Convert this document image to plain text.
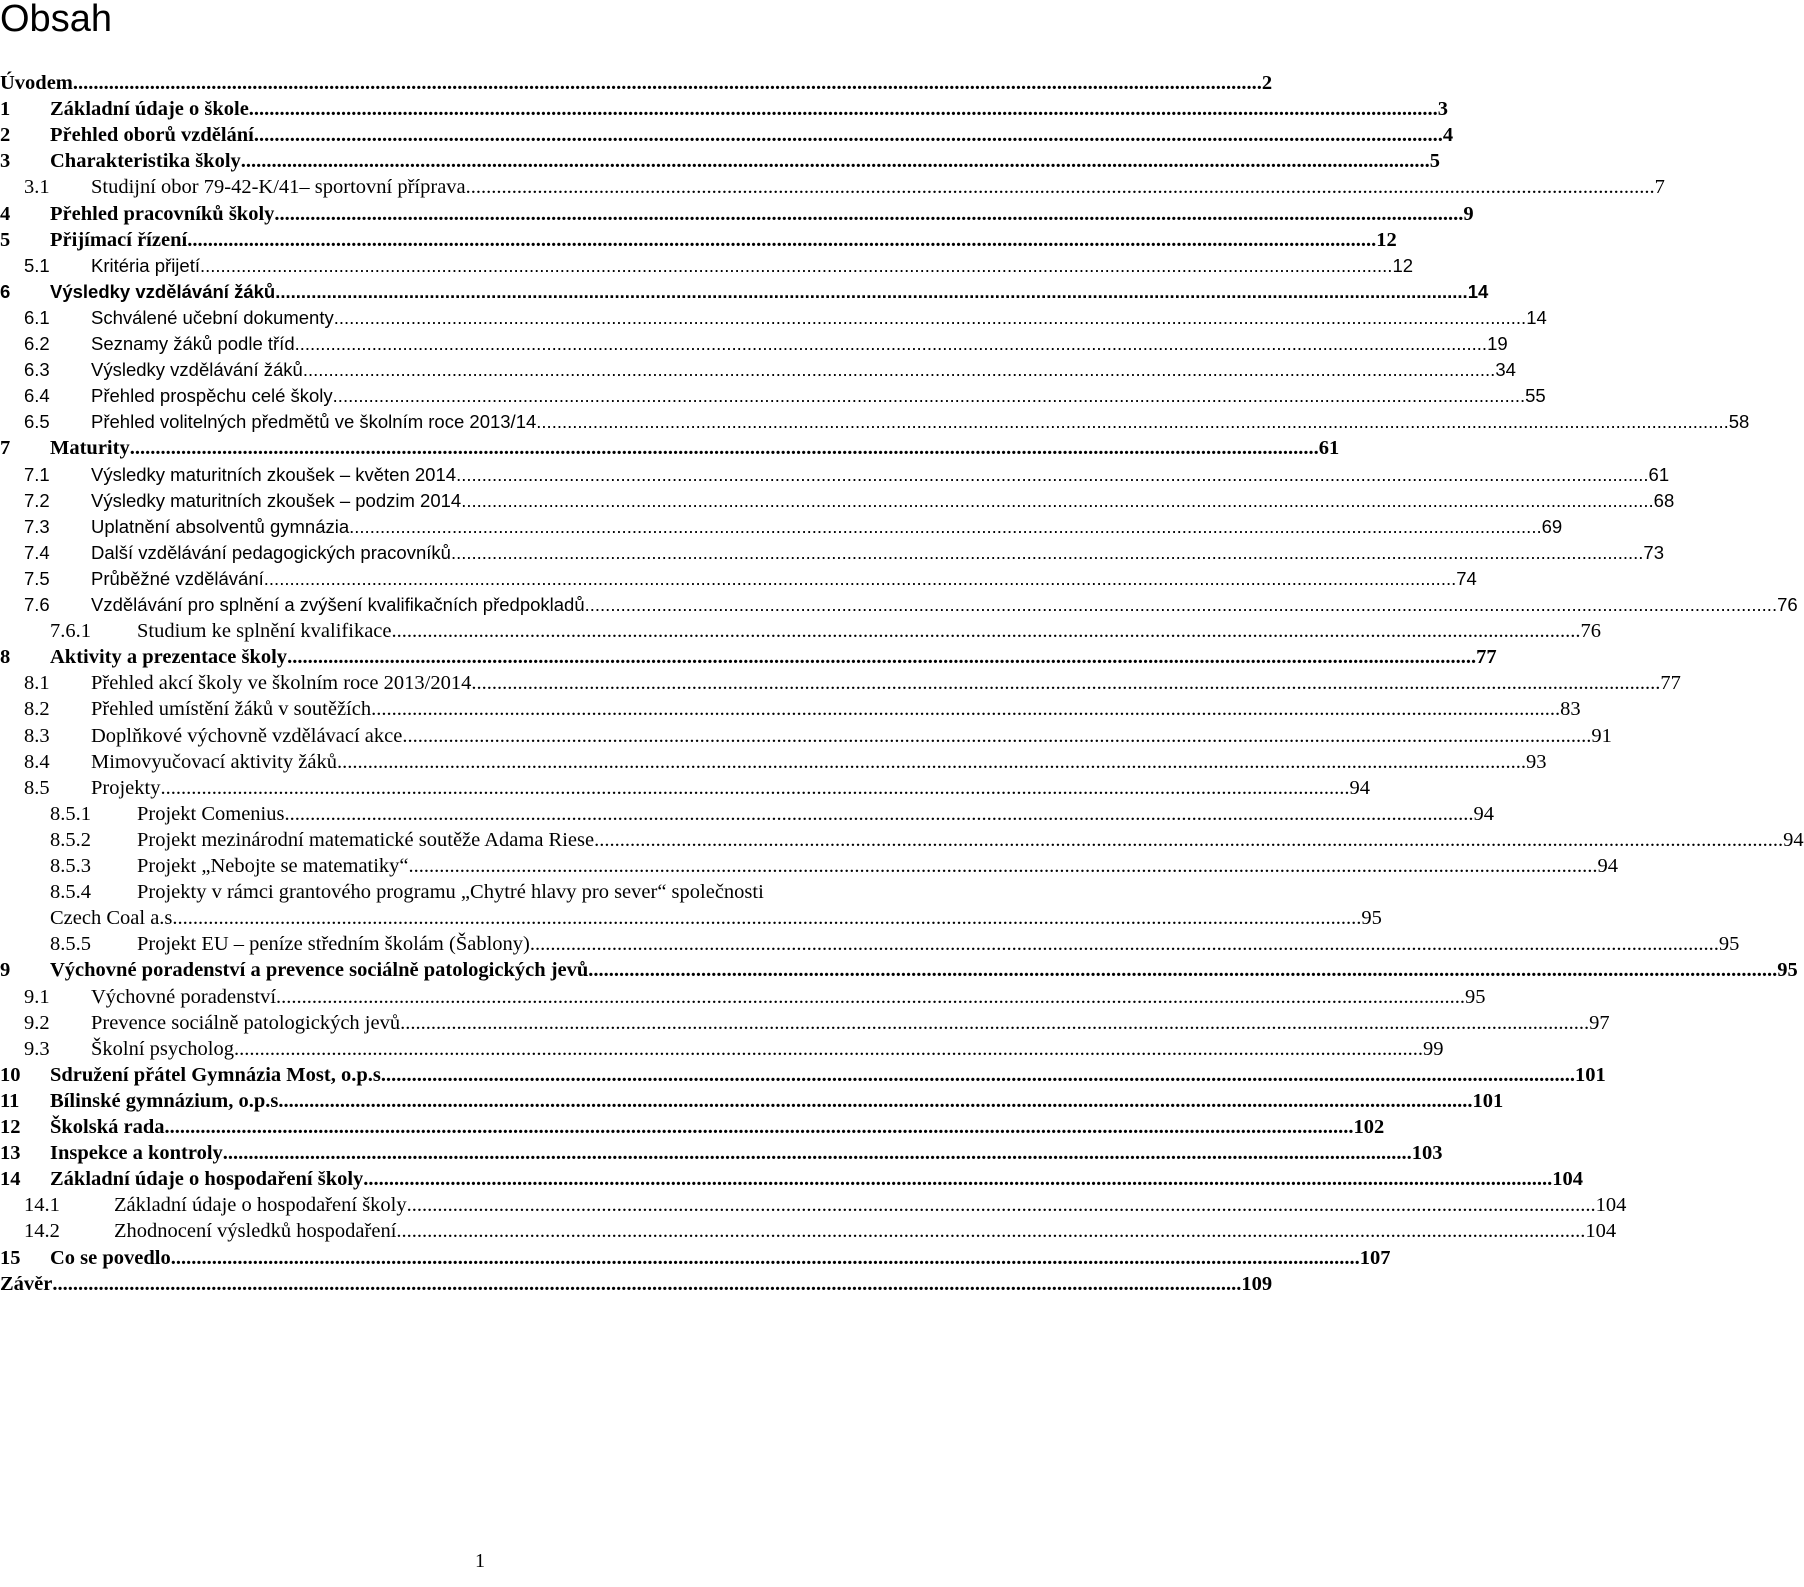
Obsah
Úvodem .....	2
1	Základní údaje o škole .....	3
2	Přehled oborů vzdělání .....	4
3	Charakteristika školy .....	5
3.1	Studijní obor 79-42-K/41– sportovní příprava .....	7
4	Přehled pracovníků školy .....	9
5	Přijímací řízení .....	12
5.1	Kritéria přijetí .....	12
6	Výsledky vzdělávání žáků .....	14
6.1	Schválené učební dokumenty .....	14
6.2	Seznamy žáků podle tříd .....	19
6.3	Výsledky vzdělávání žáků .....	34
6.4	Přehled prospěchu celé školy .....	55
6.5	Přehled volitelných předmětů ve školním roce 2013/14 .....	58
7	Maturity .....	61
7.1	Výsledky maturitních zkoušek – květen 2014 .....	61
7.2	Výsledky maturitních zkoušek – podzim 2014 .....	68
7.3	Uplatnění absolventů gymnázia .....	69
7.4	Další vzdělávání pedagogických pracovníků .....	73
7.5	Průběžné vzdělávání .....	74
7.6	Vzdělávání pro splnění a zvýšení kvalifikačních předpokladů .....	76
7.6.1	Studium ke splnění kvalifikace .....	76
8	Aktivity a prezentace školy .....	77
8.1	Přehled akcí školy ve školním roce 2013/2014 .....	77
8.2	Přehled umístění žáků v soutěžích .....	83
8.3	Doplňkové výchovně vzdělávací akce .....	91
8.4	Mimovyučovací aktivity žáků .....	93
8.5	Projekty .....	94
8.5.1	Projekt Comenius .....	94
8.5.2	Projekt mezinárodní matematické soutěže Adama Riese .....	94
8.5.3	Projekt „Nebojte se matematiky“ .....	94
8.5.4	Projekty v rámci grantového programu „Chytré hlavy pro sever“ společnosti
Czech Coal a.s .....	95
8.5.5	Projekt EU – peníze středním školám (Šablony) .....	95
9	Výchovné poradenství a prevence sociálně patologických jevů .....	95
9.1	Výchovné poradenství .....	95
9.2	Prevence sociálně patologických jevů .....	97
9.3	Školní psycholog .....	99
10	Sdružení přátel Gymnázia Most, o.p.s. .....	101
11	Bílinské gymnázium, o.p.s. .....	101
12	Školská rada .....	102
13	Inspekce a kontroly .....	103
14	Základní údaje o hospodaření školy .....	104
14.1	Základní údaje o hospodaření školy .....	104
14.2	Zhodnocení výsledků hospodaření .....	104
15	Co se povedlo .....	107
Závěr .....	109
1
